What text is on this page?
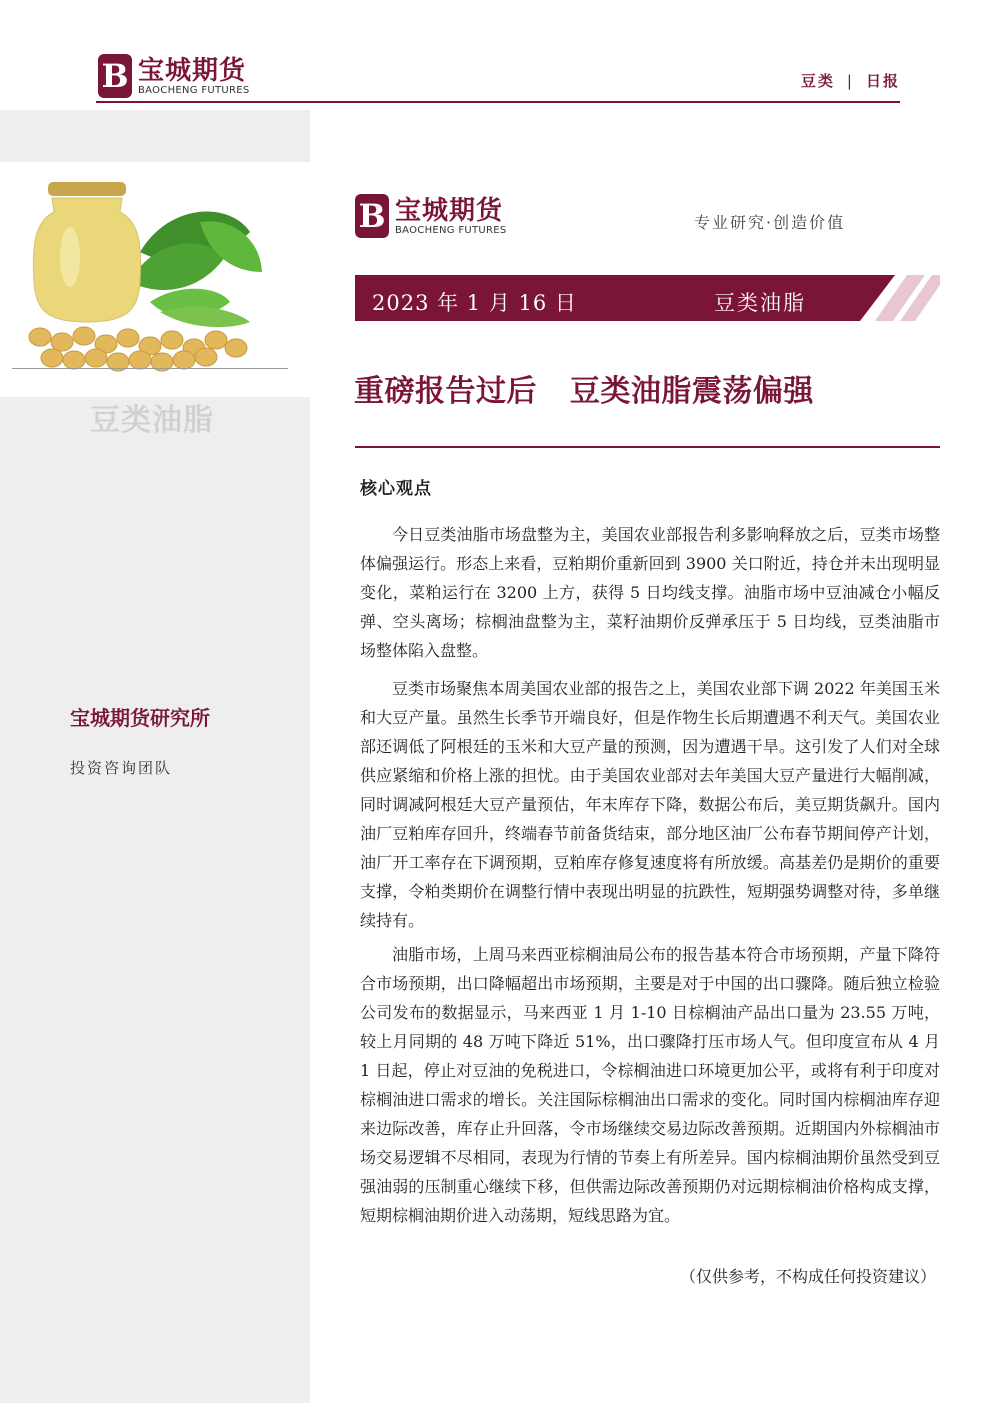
B 宝城期货
BAOCHENG FUTURES	豆类 | 日报
豆类油脂
宝城期货研究所
投资咨询团队
B 宝城期货
BAOCHENG FUTURES	专业研究·创造价值
2023 年 1 月 16 日	豆类油脂
重磅报告过后   豆类油脂震荡偏强
核心观点

今日豆类油脂市场盘整为主，美国农业部报告利多影响释放之后，豆类市场整体偏强运行。形态上来看，豆粕期价重新回到 3900 关口附近，持仓并未出现明显变化，菜粕运行在 3200 上方，获得 5 日均线支撑。油脂市场中豆油减仓小幅反弹、空头离场；棕榈油盘整为主，菜籽油期价反弹承压于 5 日均线，豆类油脂市场整体陷入盘整。

豆类市场聚焦本周美国农业部的报告之上，美国农业部下调 2022 年美国玉米和大豆产量。虽然生长季节开端良好，但是作物生长后期遭遇不利天气。美国农业部还调低了阿根廷的玉米和大豆产量的预测，因为遭遇干旱。这引发了人们对全球供应紧缩和价格上涨的担忧。由于美国农业部对去年美国大豆产量进行大幅削减，同时调减阿根廷大豆产量预估，年末库存下降，数据公布后，美豆期货飙升。国内油厂豆粕库存回升，终端春节前备货结束，部分地区油厂公布春节期间停产计划，油厂开工率存在下调预期，豆粕库存修复速度将有所放缓。高基差仍是期价的重要支撑，令粕类期价在调整行情中表现出明显的抗跌性，短期强势调整对待，多单继续持有。

油脂市场，上周马来西亚棕榈油局公布的报告基本符合市场预期，产量下降符合市场预期，出口降幅超出市场预期，主要是对于中国的出口骤降。随后独立检验公司发布的数据显示，马来西亚 1 月 1-10 日棕榈油产品出口量为 23.55 万吨，较上月同期的 48 万吨下降近 51%，出口骤降打压市场人气。但印度宣布从 4 月 1 日起，停止对豆油的免税进口，令棕榈油进口环境更加公平，或将有利于印度对棕榈油进口需求的增长。关注国际棕榈油出口需求的变化。同时国内棕榈油库存迎来边际改善，库存止升回落，令市场继续交易边际改善预期。近期国内外棕榈油市场交易逻辑不尽相同，表现为行情的节奏上有所差异。国内棕榈油期价虽然受到豆强油弱的压制重心继续下移，但供需边际改善预期仍对远期棕榈油价格构成支撑，短期棕榈油期价进入动荡期，短线思路为宜。

（仅供参考，不构成任何投资建议）
